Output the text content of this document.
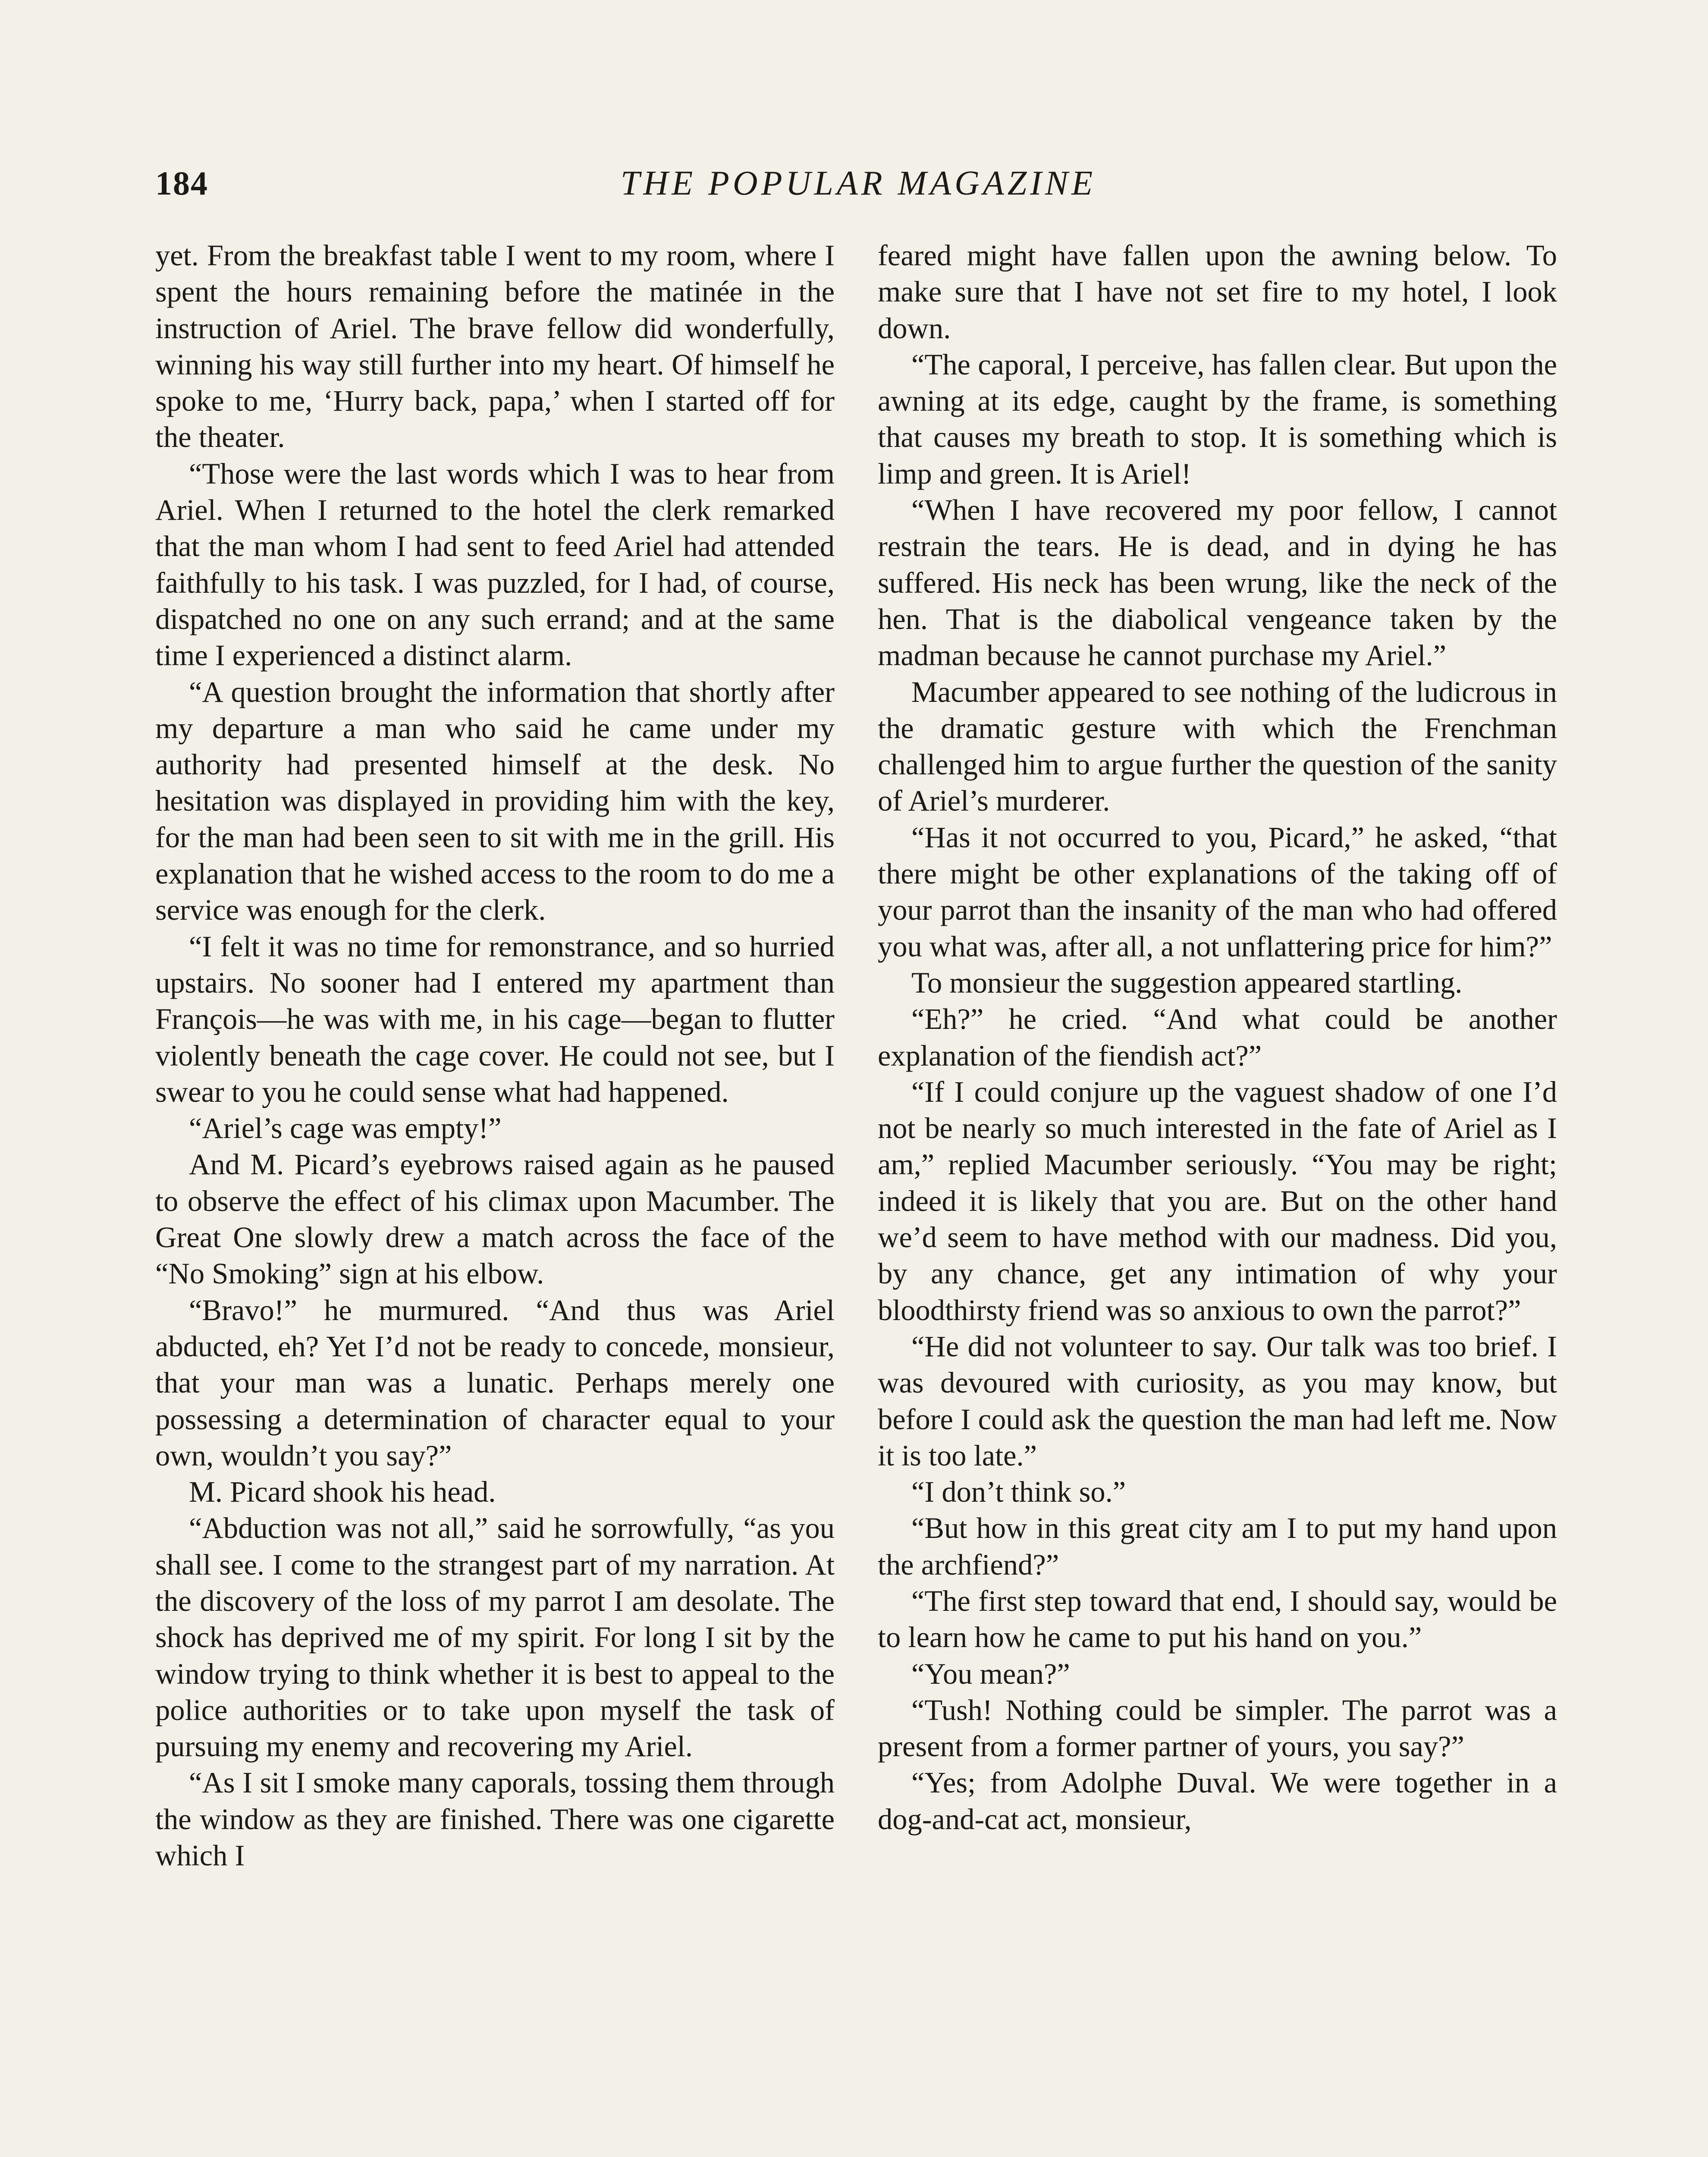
184	THE POPULAR MAGAZINE

yet. From the breakfast table I went to my room, where I spent the hours remaining before the matinée in the instruction of Ariel. The brave fellow did wonderfully, winning his way still further into my heart. Of himself he spoke to me, ‘Hurry back, papa,’ when I started off for the theater.

“Those were the last words which I was to hear from Ariel. When I returned to the hotel the clerk remarked that the man whom I had sent to feed Ariel had attended faithfully to his task. I was puzzled, for I had, of course, dispatched no one on any such errand; and at the same time I experienced a distinct alarm.

“A question brought the information that shortly after my departure a man who said he came under my authority had presented himself at the desk. No hesitation was displayed in providing him with the key, for the man had been seen to sit with me in the grill. His explanation that he wished access to the room to do me a service was enough for the clerk.

“I felt it was no time for remonstrance, and so hurried upstairs. No sooner had I entered my apartment than François—he was with me, in his cage—began to flutter violently beneath the cage cover. He could not see, but I swear to you he could sense what had happened.

“Ariel’s cage was empty!”

And M. Picard’s eyebrows raised again as he paused to observe the effect of his climax upon Macumber. The Great One slowly drew a match across the face of the “No Smoking” sign at his elbow.

“Bravo!” he murmured. “And thus was Ariel abducted, eh? Yet I’d not be ready to concede, monsieur, that your man was a lunatic. Perhaps merely one possessing a determination of character equal to your own, wouldn’t you say?”

M. Picard shook his head.

“Abduction was not all,” said he sorrowfully, “as you shall see. I come to the strangest part of my narration. At the discovery of the loss of my parrot I am desolate. The shock has deprived me of my spirit. For long I sit by the window trying to think whether it is best to appeal to the police authorities or to take upon myself the task of pursuing my enemy and recovering my Ariel.

“As I sit I smoke many caporals, tossing them through the window as they are finished. There was one cigarette which I

feared might have fallen upon the awning below. To make sure that I have not set fire to my hotel, I look down.

“The caporal, I perceive, has fallen clear. But upon the awning at its edge, caught by the frame, is something that causes my breath to stop. It is something which is limp and green. It is Ariel!

“When I have recovered my poor fellow, I cannot restrain the tears. He is dead, and in dying he has suffered. His neck has been wrung, like the neck of the hen. That is the diabolical vengeance taken by the madman because he cannot purchase my Ariel.”

Macumber appeared to see nothing of the ludicrous in the dramatic gesture with which the Frenchman challenged him to argue further the question of the sanity of Ariel’s murderer.

“Has it not occurred to you, Picard,” he asked, “that there might be other explanations of the taking off of your parrot than the insanity of the man who had offered you what was, after all, a not unflattering price for him?”

To monsieur the suggestion appeared startling.

“Eh?” he cried. “And what could be another explanation of the fiendish act?”

“If I could conjure up the vaguest shadow of one I’d not be nearly so much interested in the fate of Ariel as I am,” replied Macumber seriously. “You may be right; indeed it is likely that you are. But on the other hand we’d seem to have method with our madness. Did you, by any chance, get any intimation of why your bloodthirsty friend was so anxious to own the parrot?”

“He did not volunteer to say. Our talk was too brief. I was devoured with curiosity, as you may know, but before I could ask the question the man had left me. Now it is too late.”

“I don’t think so.”

“But how in this great city am I to put my hand upon the archfiend?”

“The first step toward that end, I should say, would be to learn how he came to put his hand on you.”

“You mean?”

“Tush! Nothing could be simpler. The parrot was a present from a former partner of yours, you say?”

“Yes; from Adolphe Duval. We were together in a dog-and-cat act, monsieur,
